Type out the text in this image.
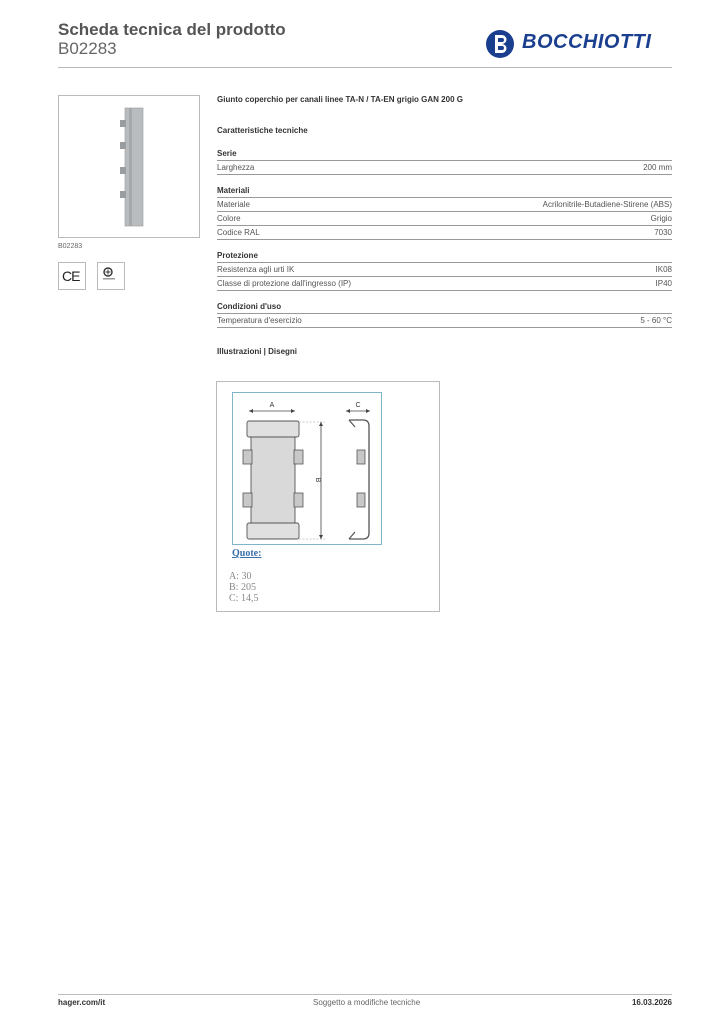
Scheda tecnica del prodotto
B02283	BOCCHIOTTI
B02283
CE
Giunto coperchio per canali linee TA-N / TA-EN grigio GAN 200 G
Caratteristiche tecniche
Serie
Larghezza	200 mm
Materiali
Materiale	Acrilonitrile-Butadiene-Stirene (ABS)
Colore	Grigio
Codice RAL	7030
Protezione
Resistenza agli urti IK	IK08
Classe di protezione dall'ingresso (IP)	IP40
Condizioni d'uso
Temperatura d'esercizio	5 - 60 °C
Illustrazioni | Disegni
A
B
C
Quote:
A: 30
B: 205
C: 14,5
hager.com/it	Soggetto a modifiche tecniche	16.03.2026
